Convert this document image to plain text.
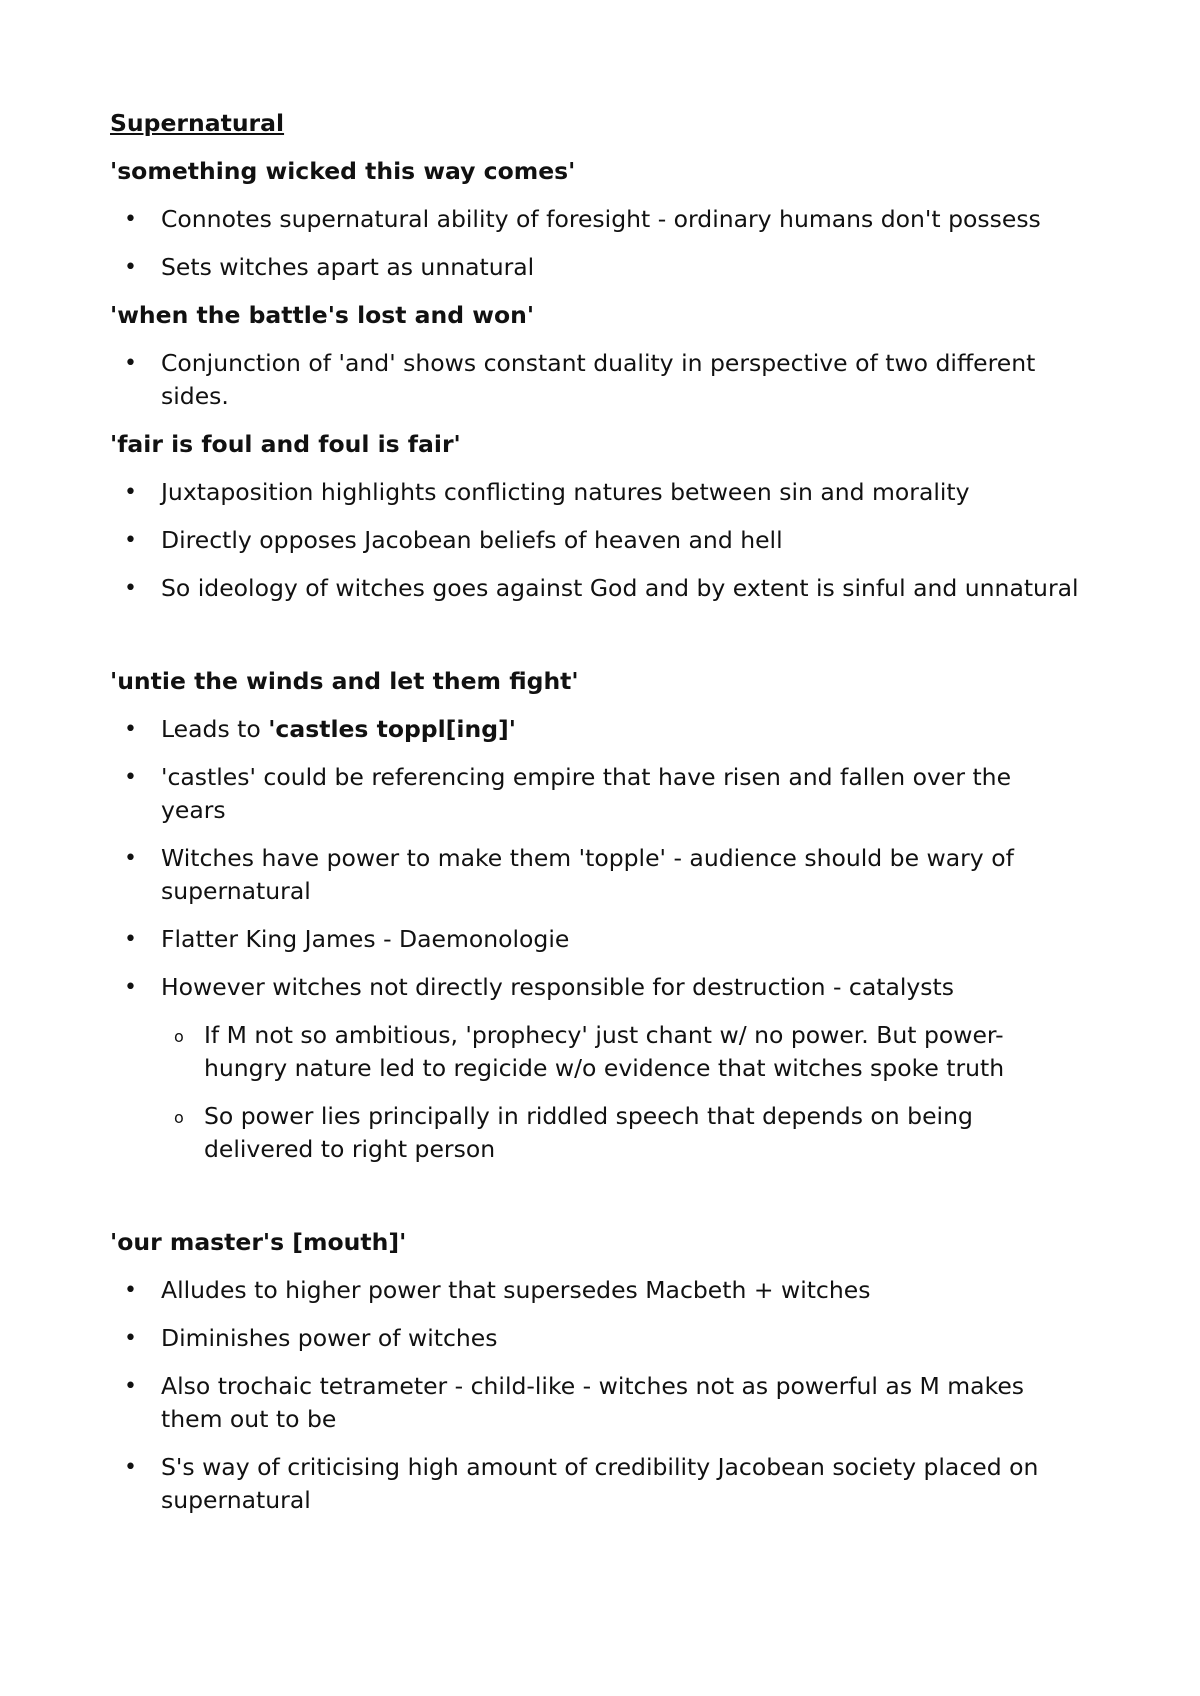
Supernatural
'something wicked this way comes'
• Connotes supernatural ability of foresight - ordinary humans don't possess
• Sets witches apart as unnatural
'when the battle's lost and won'
• Conjunction of 'and' shows constant duality in perspective of two different sides.
'fair is foul and foul is fair'
• Juxtaposition highlights conflicting natures between sin and morality
• Directly opposes Jacobean beliefs of heaven and hell
• So ideology of witches goes against God and by extent is sinful and unnatural
'untie the winds and let them fight'
• Leads to 'castles toppl[ing]'
• 'castles' could be referencing empire that have risen and fallen over the years
• Witches have power to make them 'topple' - audience should be wary of supernatural
• Flatter King James - Daemonologie
• However witches not directly responsible for destruction - catalysts
o If M not so ambitious, 'prophecy' just chant w/ no power. But power-hungry nature led to regicide w/o evidence that witches spoke truth
o So power lies principally in riddled speech that depends on being delivered to right person
'our master's [mouth]'
• Alludes to higher power that supersedes Macbeth + witches
• Diminishes power of witches
• Also trochaic tetrameter - child-like - witches not as powerful as M makes them out to be
• S's way of criticising high amount of credibility Jacobean society placed on supernatural
